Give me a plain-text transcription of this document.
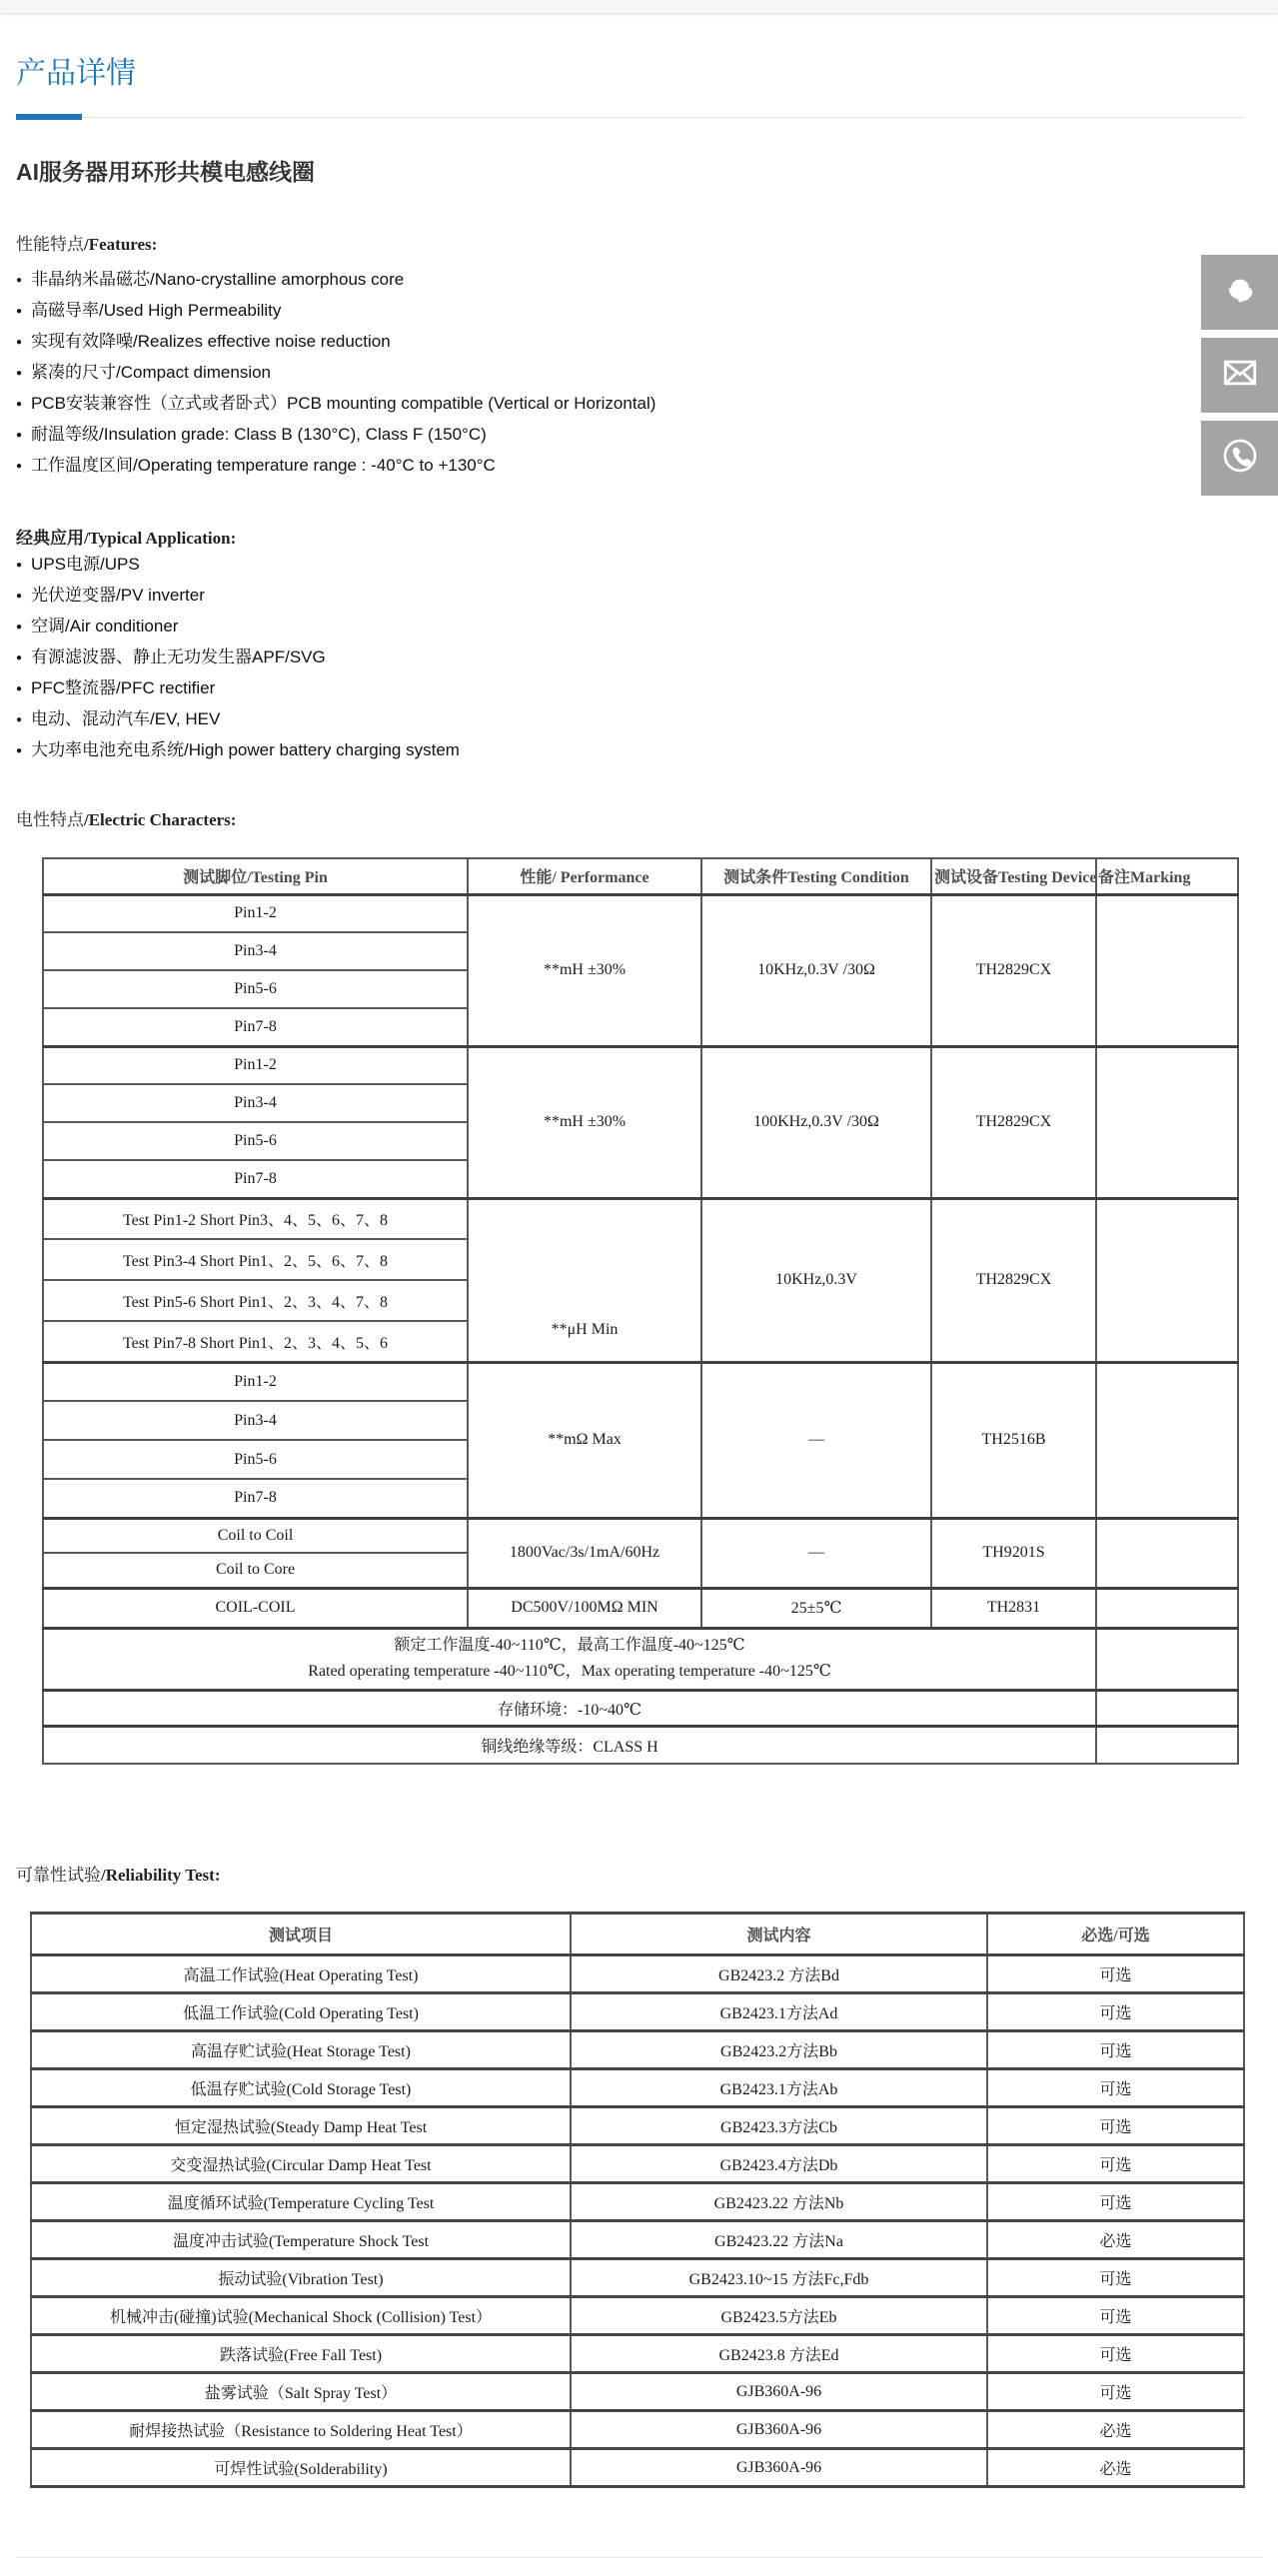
产品详情
AI服务器用环形共模电感线圈

性能特点/Features:

● 非晶纳米晶磁芯/Nano-crystalline amorphous core
● 高磁导率/Used High Permeability
● 实现有效降噪/Realizes effective noise reduction
● 紧凑的尺寸/Compact dimension
● PCB安装兼容性（立式或者卧式）PCB mounting compatible (Vertical or Horizontal)
● 耐温等级/Insulation grade: Class B (130°C), Class F (150°C)
● 工作温度区间/Operating temperature range : -40°C to +130°C

经典应用/Typical Application:

● UPS电源/UPS
● 光伏逆变器/PV inverter
● 空调/Air conditioner
● 有源滤波器、静止无功发生器APF/SVG
● PFC整流器/PFC rectifier
● 电动、混动汽车/EV, HEV
● 大功率电池充电系统/High power battery charging system

电性特点/Electric Characters:

测试脚位/Testing Pin	性能/ Performance	测试条件Testing Condition	测试设备Testing Device	备注Marking
Pin1-2	**mH ±30%	10KHz,0.3V /30Ω	TH2829CX	
Pin3-4				
Pin5-6				
Pin7-8				
Pin1-2	**mH ±30%	100KHz,0.3V /30Ω	TH2829CX	
Pin3-4				
Pin5-6				
Pin7-8				
Test Pin1-2 Short Pin3、4、5、6、7、8	**μH Min	10KHz,0.3V	TH2829CX	
Test Pin3-4 Short Pin1、2、5、6、7、8				
Test Pin5-6 Short Pin1、2、3、4、7、8				
Test Pin7-8 Short Pin1、2、3、4、5、6				
Pin1-2	**mΩ Max	—	TH2516B	
Pin3-4				
Pin5-6				
Pin7-8				
Coil to Coil	1800Vac/3s/1mA/60Hz	—	TH9201S	
Coil to Core				
COIL-COIL	DC500V/100MΩ MIN	25±5℃	TH2831	
额定工作温度-40~110℃，最高工作温度-40~125℃
Rated operating temperature -40~110℃，Max operating temperature -40~125℃				
存储环境：-10~40℃				
铜线绝缘等级：CLASS H				

可靠性试验/Reliability Test:

测试项目	测试内容	必选/可选
高温工作试验(Heat Operating Test)	GB2423.2 方法Bd	可选
低温工作试验(Cold Operating Test)	GB2423.1方法Ad	可选
高温存贮试验(Heat Storage Test)	GB2423.2方法Bb	可选
低温存贮试验(Cold Storage Test)	GB2423.1方法Ab	可选
恒定湿热试验(Steady Damp Heat Test	GB2423.3方法Cb	可选
交变湿热试验(Circular Damp Heat Test	GB2423.4方法Db	可选
温度循环试验(Temperature Cycling Test	GB2423.22 方法Nb	可选
温度冲击试验(Temperature Shock Test	GB2423.22 方法Na	必选
振动试验(Vibration Test)	GB2423.10~15 方法Fc,Fdb	可选
机械冲击(碰撞)试验(Mechanical Shock (Collision) Test）	GB2423.5方法Eb	可选
跌落试验(Free Fall Test)	GB2423.8 方法Ed	可选
盐雾试验（Salt Spray Test）	GJB360A-96	可选
耐焊接热试验（Resistance to Soldering Heat Test）	GJB360A-96	必选
可焊性试验(Solderability)	GJB360A-96	必选
